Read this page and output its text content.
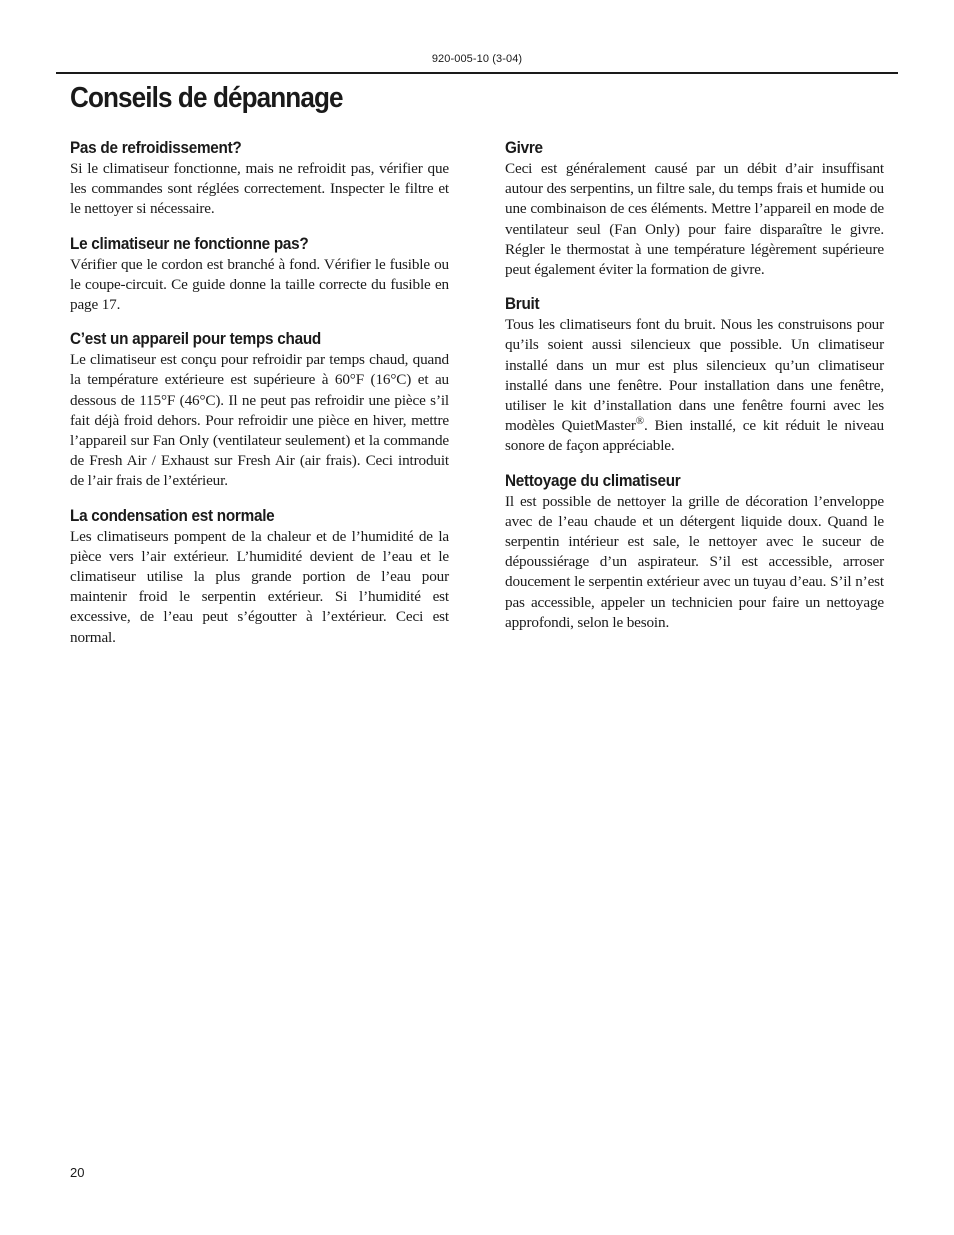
920-005-10 (3-04)
Conseils de dépannage
Pas de refroidissement?

Si le climatiseur fonctionne, mais ne refroidit pas, vérifier que les commandes sont réglées correctement. Inspecter le filtre et le nettoyer si nécessaire.

Le climatiseur ne fonctionne pas?

Vérifier que le cordon est branché à fond. Vérifier le fusible ou le coupe-circuit. Ce guide donne la taille correcte du fusible en page 17.

C’est un appareil pour temps chaud

Le climatiseur est conçu pour refroidir par temps chaud, quand la température extérieure est supérieure à 60°F (16°C) et au dessous de 115°F (46°C). Il ne peut pas refroidir une pièce s’il fait déjà froid dehors. Pour refroidir une pièce en hiver, mettre l’appareil sur Fan Only (ventilateur seulement) et la commande de Fresh Air / Exhaust sur Fresh Air (air frais). Ceci introduit de l’air frais de l’extérieur.

La condensation est normale

Les climatiseurs pompent de la chaleur et de l’humidité de la pièce vers l’air extérieur. L’humidité devient de l’eau et le climatiseur utilise la plus grande portion de l’eau pour maintenir froid le serpentin extérieur. Si l’humidité est excessive, de l’eau peut s’égoutter à l’extérieur. Ceci est normal.

Givre

Ceci est généralement causé par un débit d’air insuffisant autour des serpentins, un filtre sale, du temps frais et humide ou une combinaison de ces éléments. Mettre l’appareil en mode de ventilateur seul (Fan Only) pour faire disparaître le givre. Régler le thermostat à une température légèrement supérieure peut également éviter la formation de givre.

Bruit

Tous les climatiseurs font du bruit. Nous les construisons pour qu’ils soient aussi silencieux que possible. Un climatiseur installé dans un mur est plus silencieux qu’un climatiseur installé dans une fenêtre. Pour installation dans une fenêtre, utiliser le kit d’installation dans une fenêtre fourni avec les modèles QuietMaster®. Bien installé, ce kit réduit le niveau sonore de façon appréciable.

Nettoyage du climatiseur

Il est possible de nettoyer la grille de décoration l’enveloppe avec de l’eau chaude et un détergent liquide doux. Quand le serpentin intérieur est sale, le nettoyer avec le suceur de dépoussiérage d’un aspirateur. S’il est accessible, arroser doucement le serpentin extérieur avec un tuyau d’eau. S’il n’est pas accessible, appeler un technicien pour faire un nettoyage approfondi, selon le besoin.

20
